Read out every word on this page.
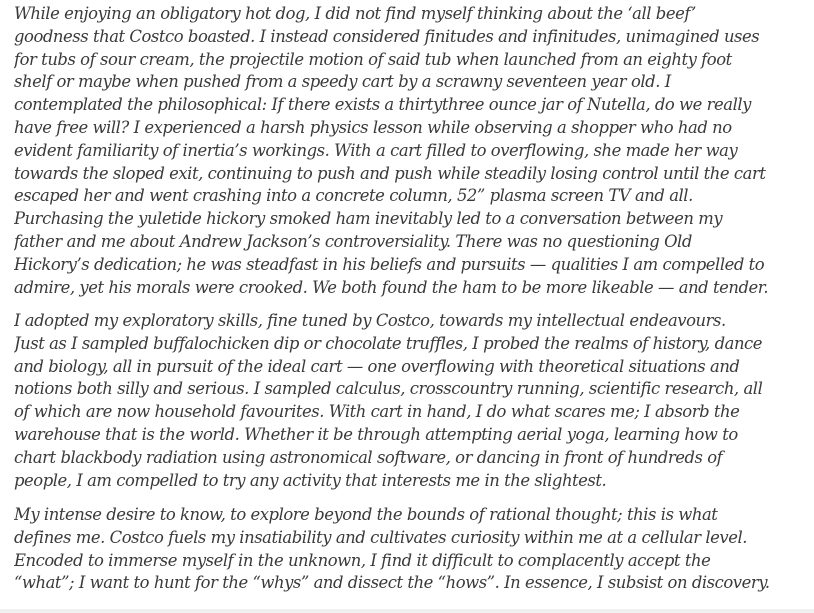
While enjoying an obligatory hot dog, I did not find myself thinking about the ‘all beef’
goodness that Costco boasted. I instead considered finitudes and infinitudes, unimagined uses
for tubs of sour cream, the projectile motion of said tub when launched from an eighty foot
shelf or maybe when pushed from a speedy cart by a scrawny seventeen year old. I
contemplated the philosophical: If there exists a thirtythree ounce jar of Nutella, do we really
have free will? I experienced a harsh physics lesson while observing a shopper who had no
evident familiarity of inertia’s workings. With a cart filled to overflowing, she made her way
towards the sloped exit, continuing to push and push while steadily losing control until the cart
escaped her and went crashing into a concrete column, 52” plasma screen TV and all.
Purchasing the yuletide hickory smoked ham inevitably led to a conversation between my
father and me about Andrew Jackson’s controversiality. There was no questioning Old
Hickory’s dedication; he was steadfast in his beliefs and pursuits — qualities I am compelled to
admire, yet his morals were crooked. We both found the ham to be more likeable — and tender.

I adopted my exploratory skills, fine tuned by Costco, towards my intellectual endeavours.
Just as I sampled buffalochicken dip or chocolate truffles, I probed the realms of history, dance
and biology, all in pursuit of the ideal cart — one overflowing with theoretical situations and
notions both silly and serious. I sampled calculus, crosscountry running, scientific research, all
of which are now household favourites. With cart in hand, I do what scares me; I absorb the
warehouse that is the world. Whether it be through attempting aerial yoga, learning how to
chart blackbody radiation using astronomical software, or dancing in front of hundreds of
people, I am compelled to try any activity that interests me in the slightest.

My intense desire to know, to explore beyond the bounds of rational thought; this is what
defines me. Costco fuels my insatiability and cultivates curiosity within me at a cellular level.
Encoded to immerse myself in the unknown, I find it difficult to complacently accept the
“what”; I want to hunt for the “whys” and dissect the “hows”. In essence, I subsist on discovery.
